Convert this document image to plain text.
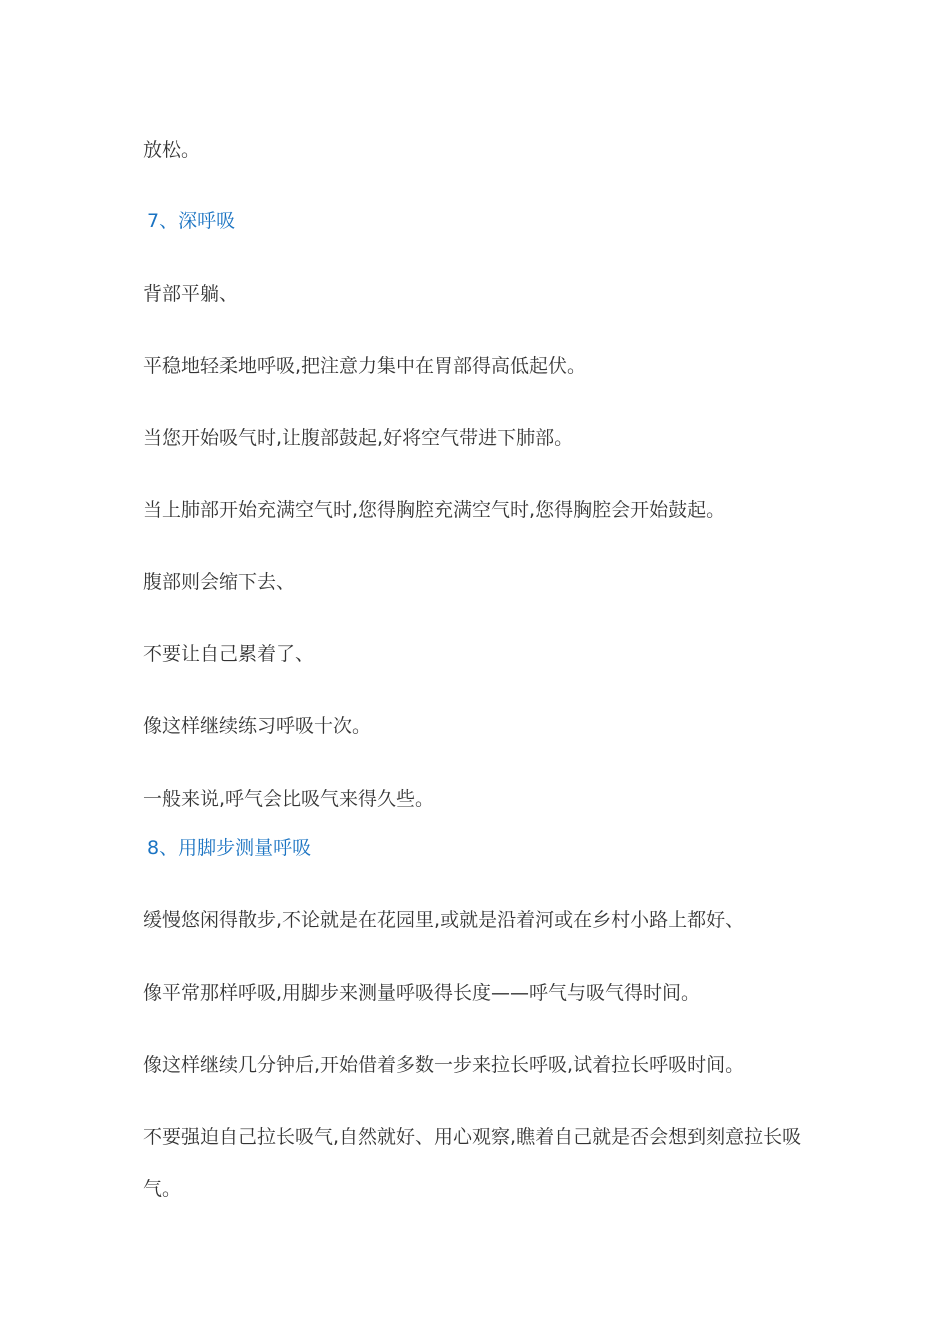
放松。
7、深呼吸
背部平躺、
平稳地轻柔地呼吸,把注意力集中在胃部得高低起伏。
当您开始吸气时,让腹部鼓起,好将空气带进下肺部。
当上肺部开始充满空气时,您得胸腔充满空气时,您得胸腔会开始鼓起。
腹部则会缩下去、
不要让自己累着了、
像这样继续练习呼吸十次。
一般来说,呼气会比吸气来得久些。
8、用脚步测量呼吸
缓慢悠闲得散步,不论就是在花园里,或就是沿着河或在乡村小路上都好、
像平常那样呼吸,用脚步来测量呼吸得长度——呼气与吸气得时间。
像这样继续几分钟后,开始借着多数一步来拉长呼吸,试着拉长呼吸时间。
不要强迫自己拉长吸气,自然就好、用心观察,瞧着自己就是否会想到刻意拉长吸气。
